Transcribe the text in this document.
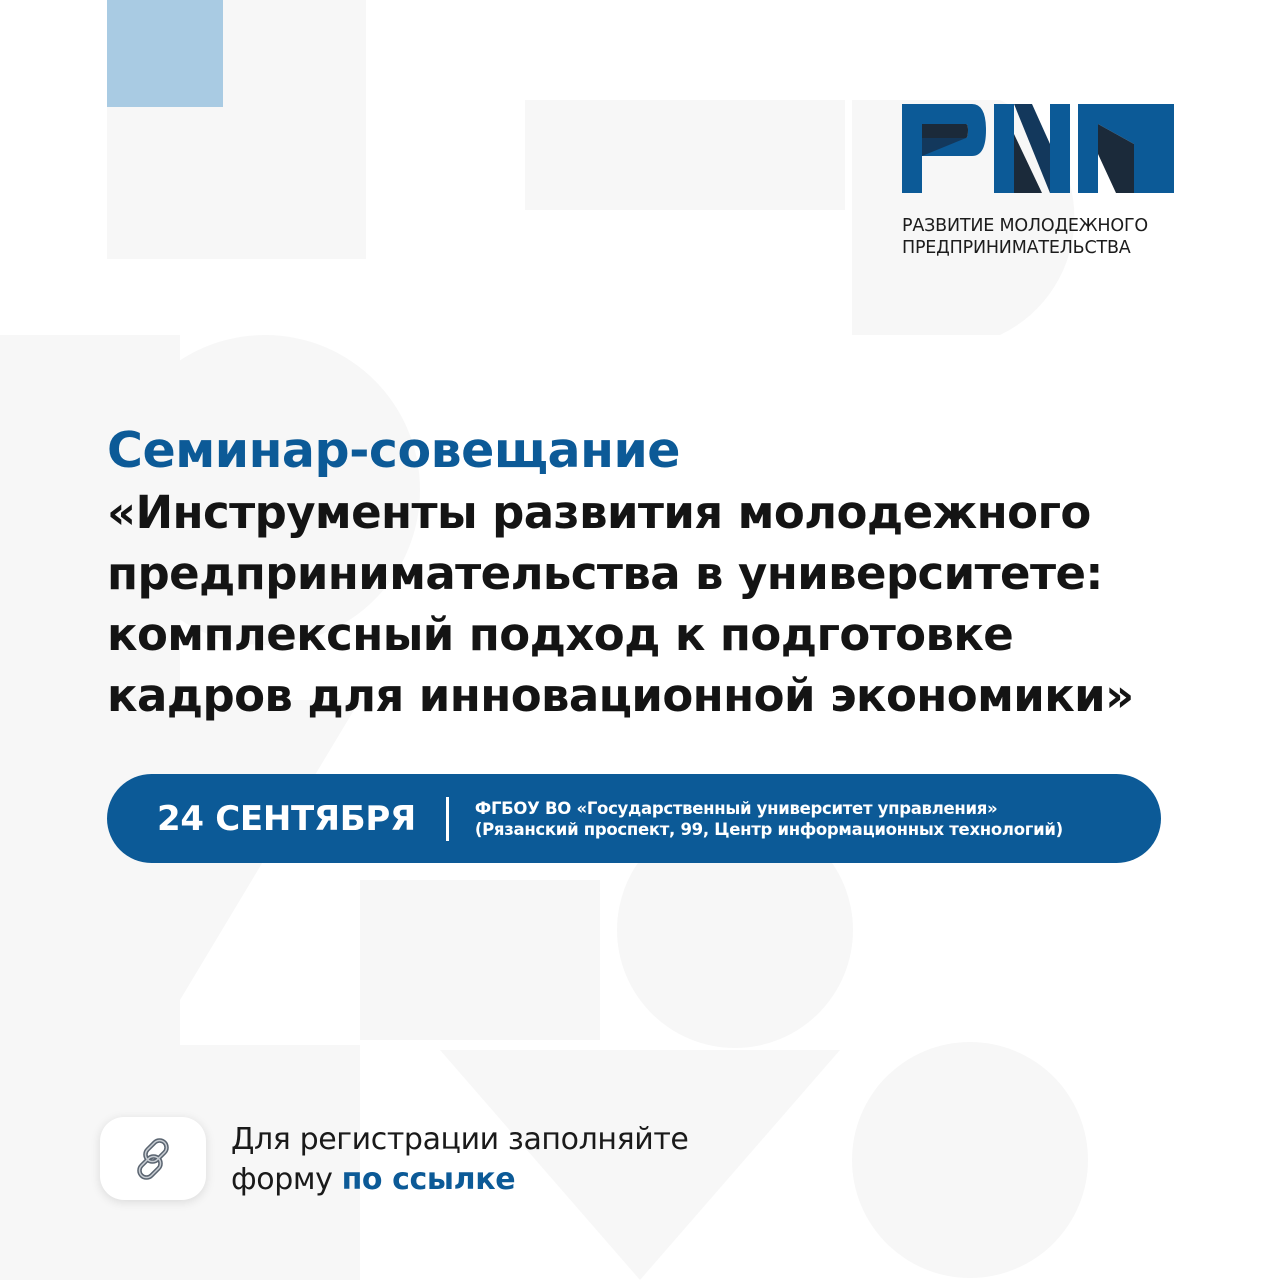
РАЗВИТИЕ МОЛОДЕЖНОГО
ПРЕДПРИНИМАТЕЛЬСТВА
Семинар-совещание
«Инструменты развития молодежного
предпринимательства в университете:
комплексный подход к подготовке
кадров для инновационной экономики»
24 СЕНТЯБРЯ	ФГБОУ ВО «Государственный университет управления»
(Рязанский проспект, 99, Центр информационных технологий)
Для регистрации заполняйте
форму по ссылке
